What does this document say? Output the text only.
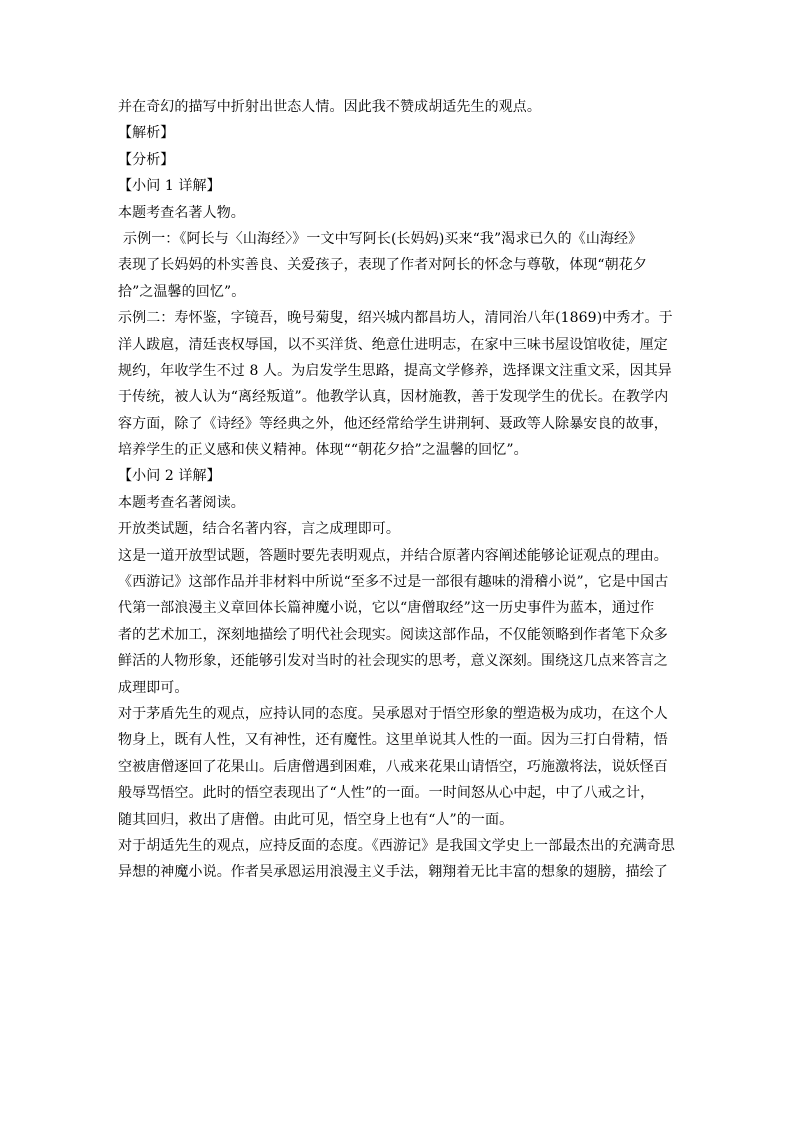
并在奇幻的描写中折射出世态人情。因此我不赞成胡适先生的观点。
【解析】
【分析】
【小问 1 详解】
本题考查名著人物。
示例一：《阿长与〈山海经〉》一文中写阿长(长妈妈)买来“我”渴求已久的《山海经》
表现了长妈妈的朴实善良、关爱孩子，表现了作者对阿长的怀念与尊敬，体现“朝花夕
拾”之温馨的回忆”。
示例二：寿怀鉴，字镜吾，晚号菊叟，绍兴城内都昌坊人，清同治八年(1869)中秀才。于
洋人跋扈，清廷丧权辱国，以不买洋货、绝意仕进明志，在家中三味书屋设馆收徒，厘定
规约，年收学生不过 8 人。为启发学生思路，提高文学修养，选择课文注重文采，因其异
于传统，被人认为“离经叛道”。他教学认真，因材施教，善于发现学生的优长。在教学内
容方面，除了《诗经》等经典之外，他还经常给学生讲荆轲、聂政等人除暴安良的故事，
培养学生的正义感和侠义精神。体现““朝花夕拾”之温馨的回忆”。
【小问 2 详解】
本题考查名著阅读。
开放类试题，结合名著内容，言之成理即可。
这是一道开放型试题，答题时要先表明观点，并结合原著内容阐述能够论证观点的理由。
《西游记》这部作品并非材料中所说“至多不过是一部很有趣味的滑稽小说”，它是中国古
代第一部浪漫主义章回体长篇神魔小说，它以“唐僧取经”这一历史事件为蓝本，通过作
者的艺术加工，深刻地描绘了明代社会现实。阅读这部作品，不仅能领略到作者笔下众多
鲜活的人物形象，还能够引发对当时的社会现实的思考，意义深刻。围绕这几点来答言之
成理即可。
对于茅盾先生的观点，应持认同的态度。吴承恩对于悟空形象的塑造极为成功，在这个人
物身上，既有人性，又有神性，还有魔性。这里单说其人性的一面。因为三打白骨精，悟
空被唐僧逐回了花果山。后唐僧遇到困难，八戒来花果山请悟空，巧施激将法，说妖怪百
般辱骂悟空。此时的悟空表现出了“人性”的一面。一时间怒从心中起，中了八戒之计，
随其回归，救出了唐僧。由此可见，悟空身上也有“人”的一面。
对于胡适先生的观点，应持反面的态度。《西游记》是我国文学史上一部最杰出的充满奇思
异想的神魔小说。作者吴承恩运用浪漫主义手法，翱翔着无比丰富的想象的翅膀，描绘了
